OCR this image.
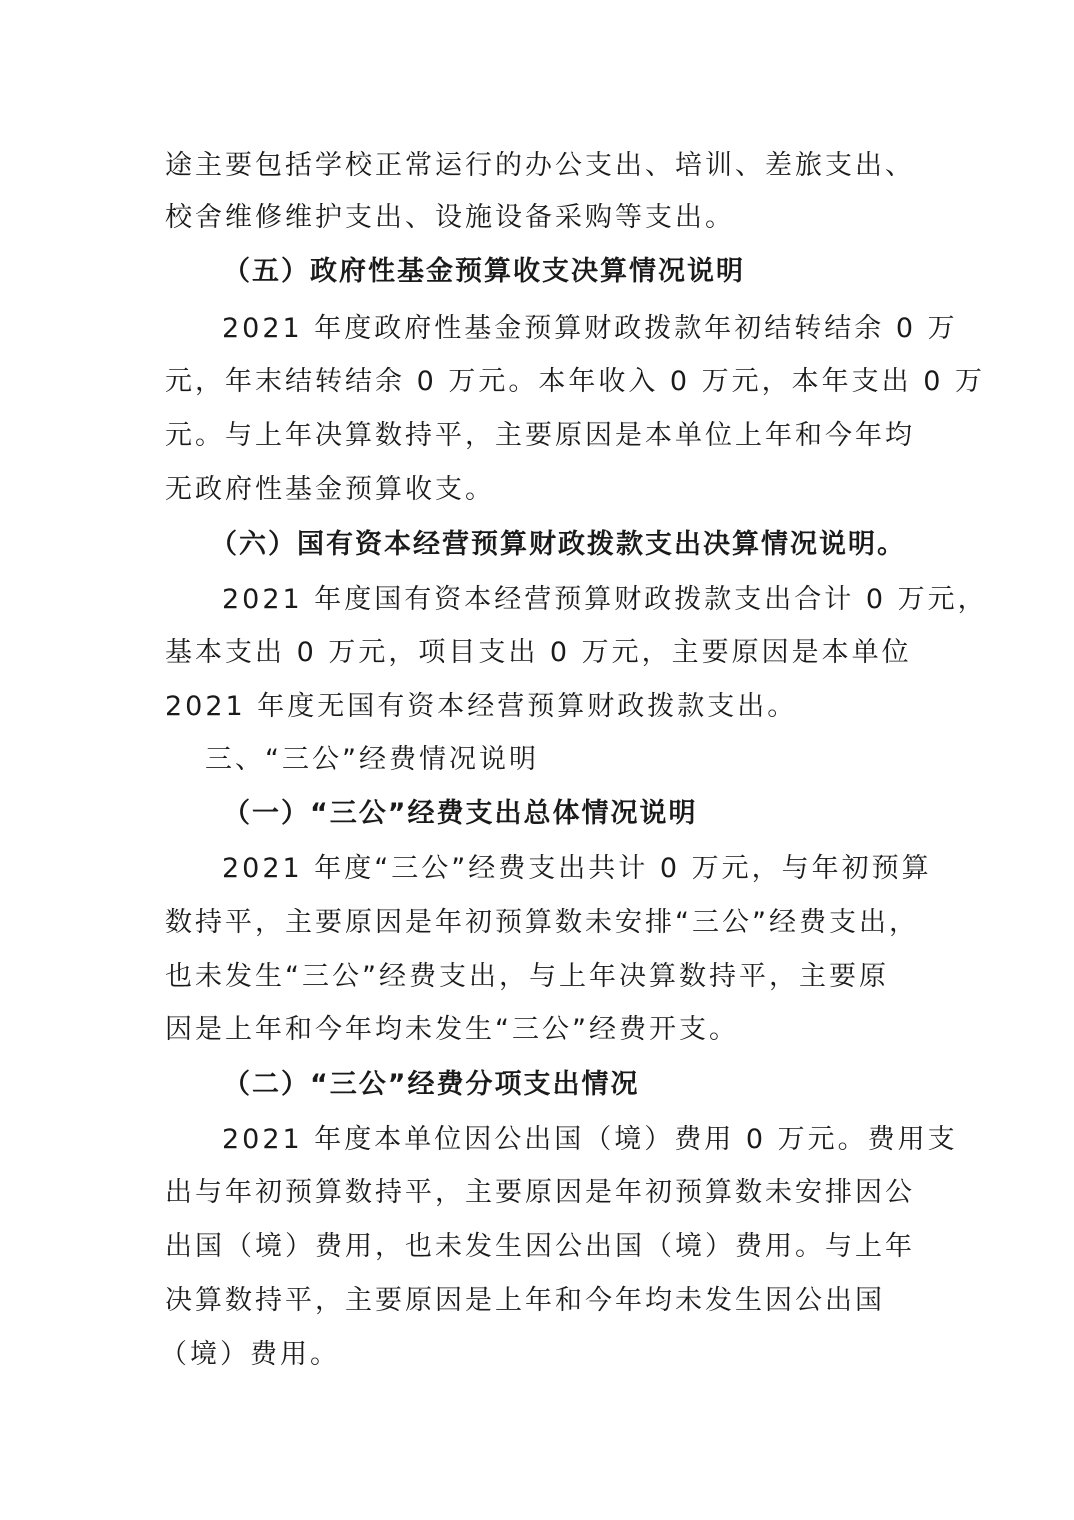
途主要包括学校正常运行的办公支出、培训、差旅支出、
校舍维修维护支出、设施设备采购等支出。
（五）政府性基金预算收支决算情况说明
2021 年度政府性基金预算财政拨款年初结转结余 0 万
元，年末结转结余 0 万元。本年收入 0 万元，本年支出 0 万
元。与上年决算数持平，主要原因是本单位上年和今年均
无政府性基金预算收支。
（六）国有资本经营预算财政拨款支出决算情况说明。
2021 年度国有资本经营预算财政拨款支出合计 0 万元，
基本支出 0 万元，项目支出 0 万元，主要原因是本单位
2021 年度无国有资本经营预算财政拨款支出。
三、“三公”经费情况说明
（一）“三公”经费支出总体情况说明
2021 年度“三公”经费支出共计 0 万元，与年初预算
数持平，主要原因是年初预算数未安排“三公”经费支出，
也未发生“三公”经费支出，与上年决算数持平，主要原
因是上年和今年均未发生“三公”经费开支。
（二）“三公”经费分项支出情况
2021 年度本单位因公出国（境）费用 0 万元。费用支
出与年初预算数持平，主要原因是年初预算数未安排因公
出国（境）费用，也未发生因公出国（境）费用。与上年
决算数持平，主要原因是上年和今年均未发生因公出国
（境）费用。
